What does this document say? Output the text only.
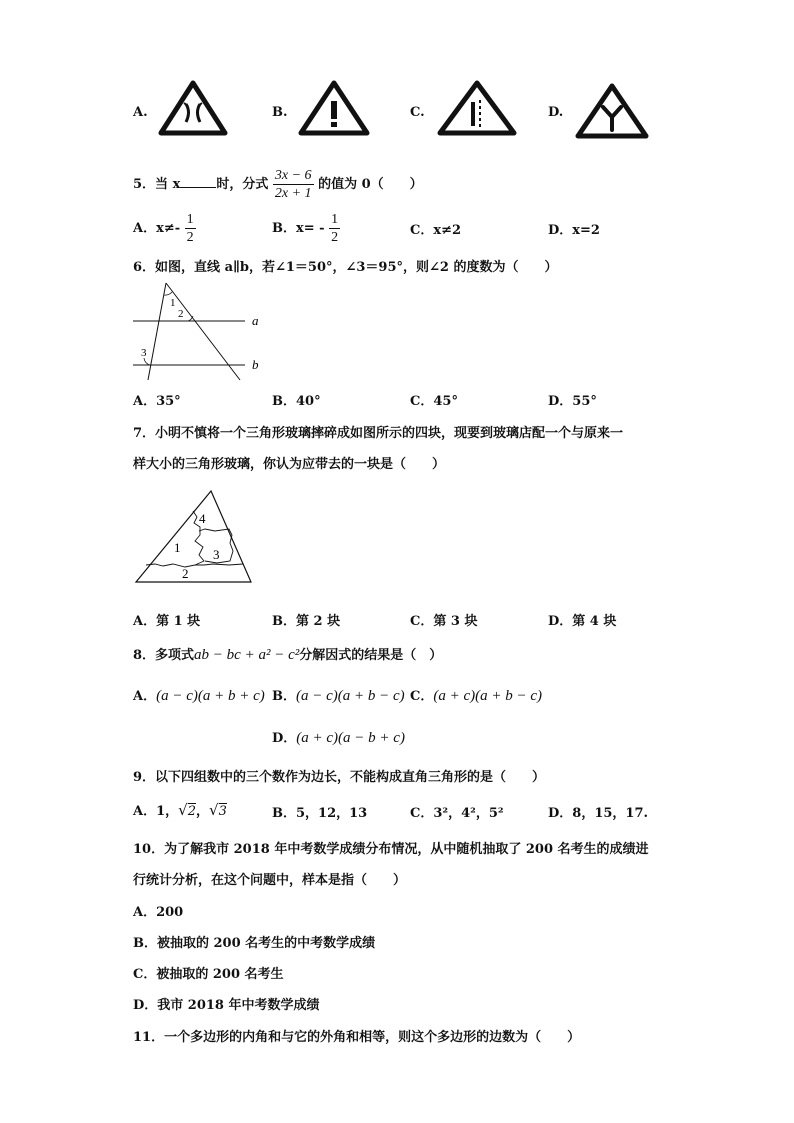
A.	B.	C.	D.
5．当 x	时，分式 $\frac{3x - 6}{2x + 1}$ 的值为 0（　　）
A．$x\ne- \frac{1}{2}$	B．$x= - \frac{1}{2}$	C．x≠2	D．x=2
6．如图，直线 a∥b，若∠1＝50°，∠3＝95°，则∠2 的度数为（　　）
a
b
1
2
3
A．35°	B．40°	C．45°	D．55°
7．小明不慎将一个三角形玻璃摔碎成如图所示的四块，现要到玻璃店配一个与原来一
样大小的三角形玻璃，你认为应带去的一块是（　　）
4
1	3
2
A．第 1 块	B．第 2 块	C．第 3 块	D．第 4 块
8．多项式ab − bc + a² − c²分解因式的结果是（　）
A．(a − c)(a + b + c) B．(a − c)(a + b − c) C．(a + c)(a + b − c)
D．(a + c)(a − b + c)
9．以下四组数中的三个数作为边长，不能构成直角三角形的是（　　）
A．1，√2，√3	B．5，12，13	C．3²，4²，5²	D．8，15，17.
10．为了解我市 2018 年中考数学成绩分布情况，从中随机抽取了 200 名考生的成绩进
行统计分析，在这个问题中，样本是指（　　）
A．200
B．被抽取的 200 名考生的中考数学成绩
C．被抽取的 200 名考生
D．我市 2018 年中考数学成绩
11．一个多边形的内角和与它的外角和相等，则这个多边形的边数为（　　）
